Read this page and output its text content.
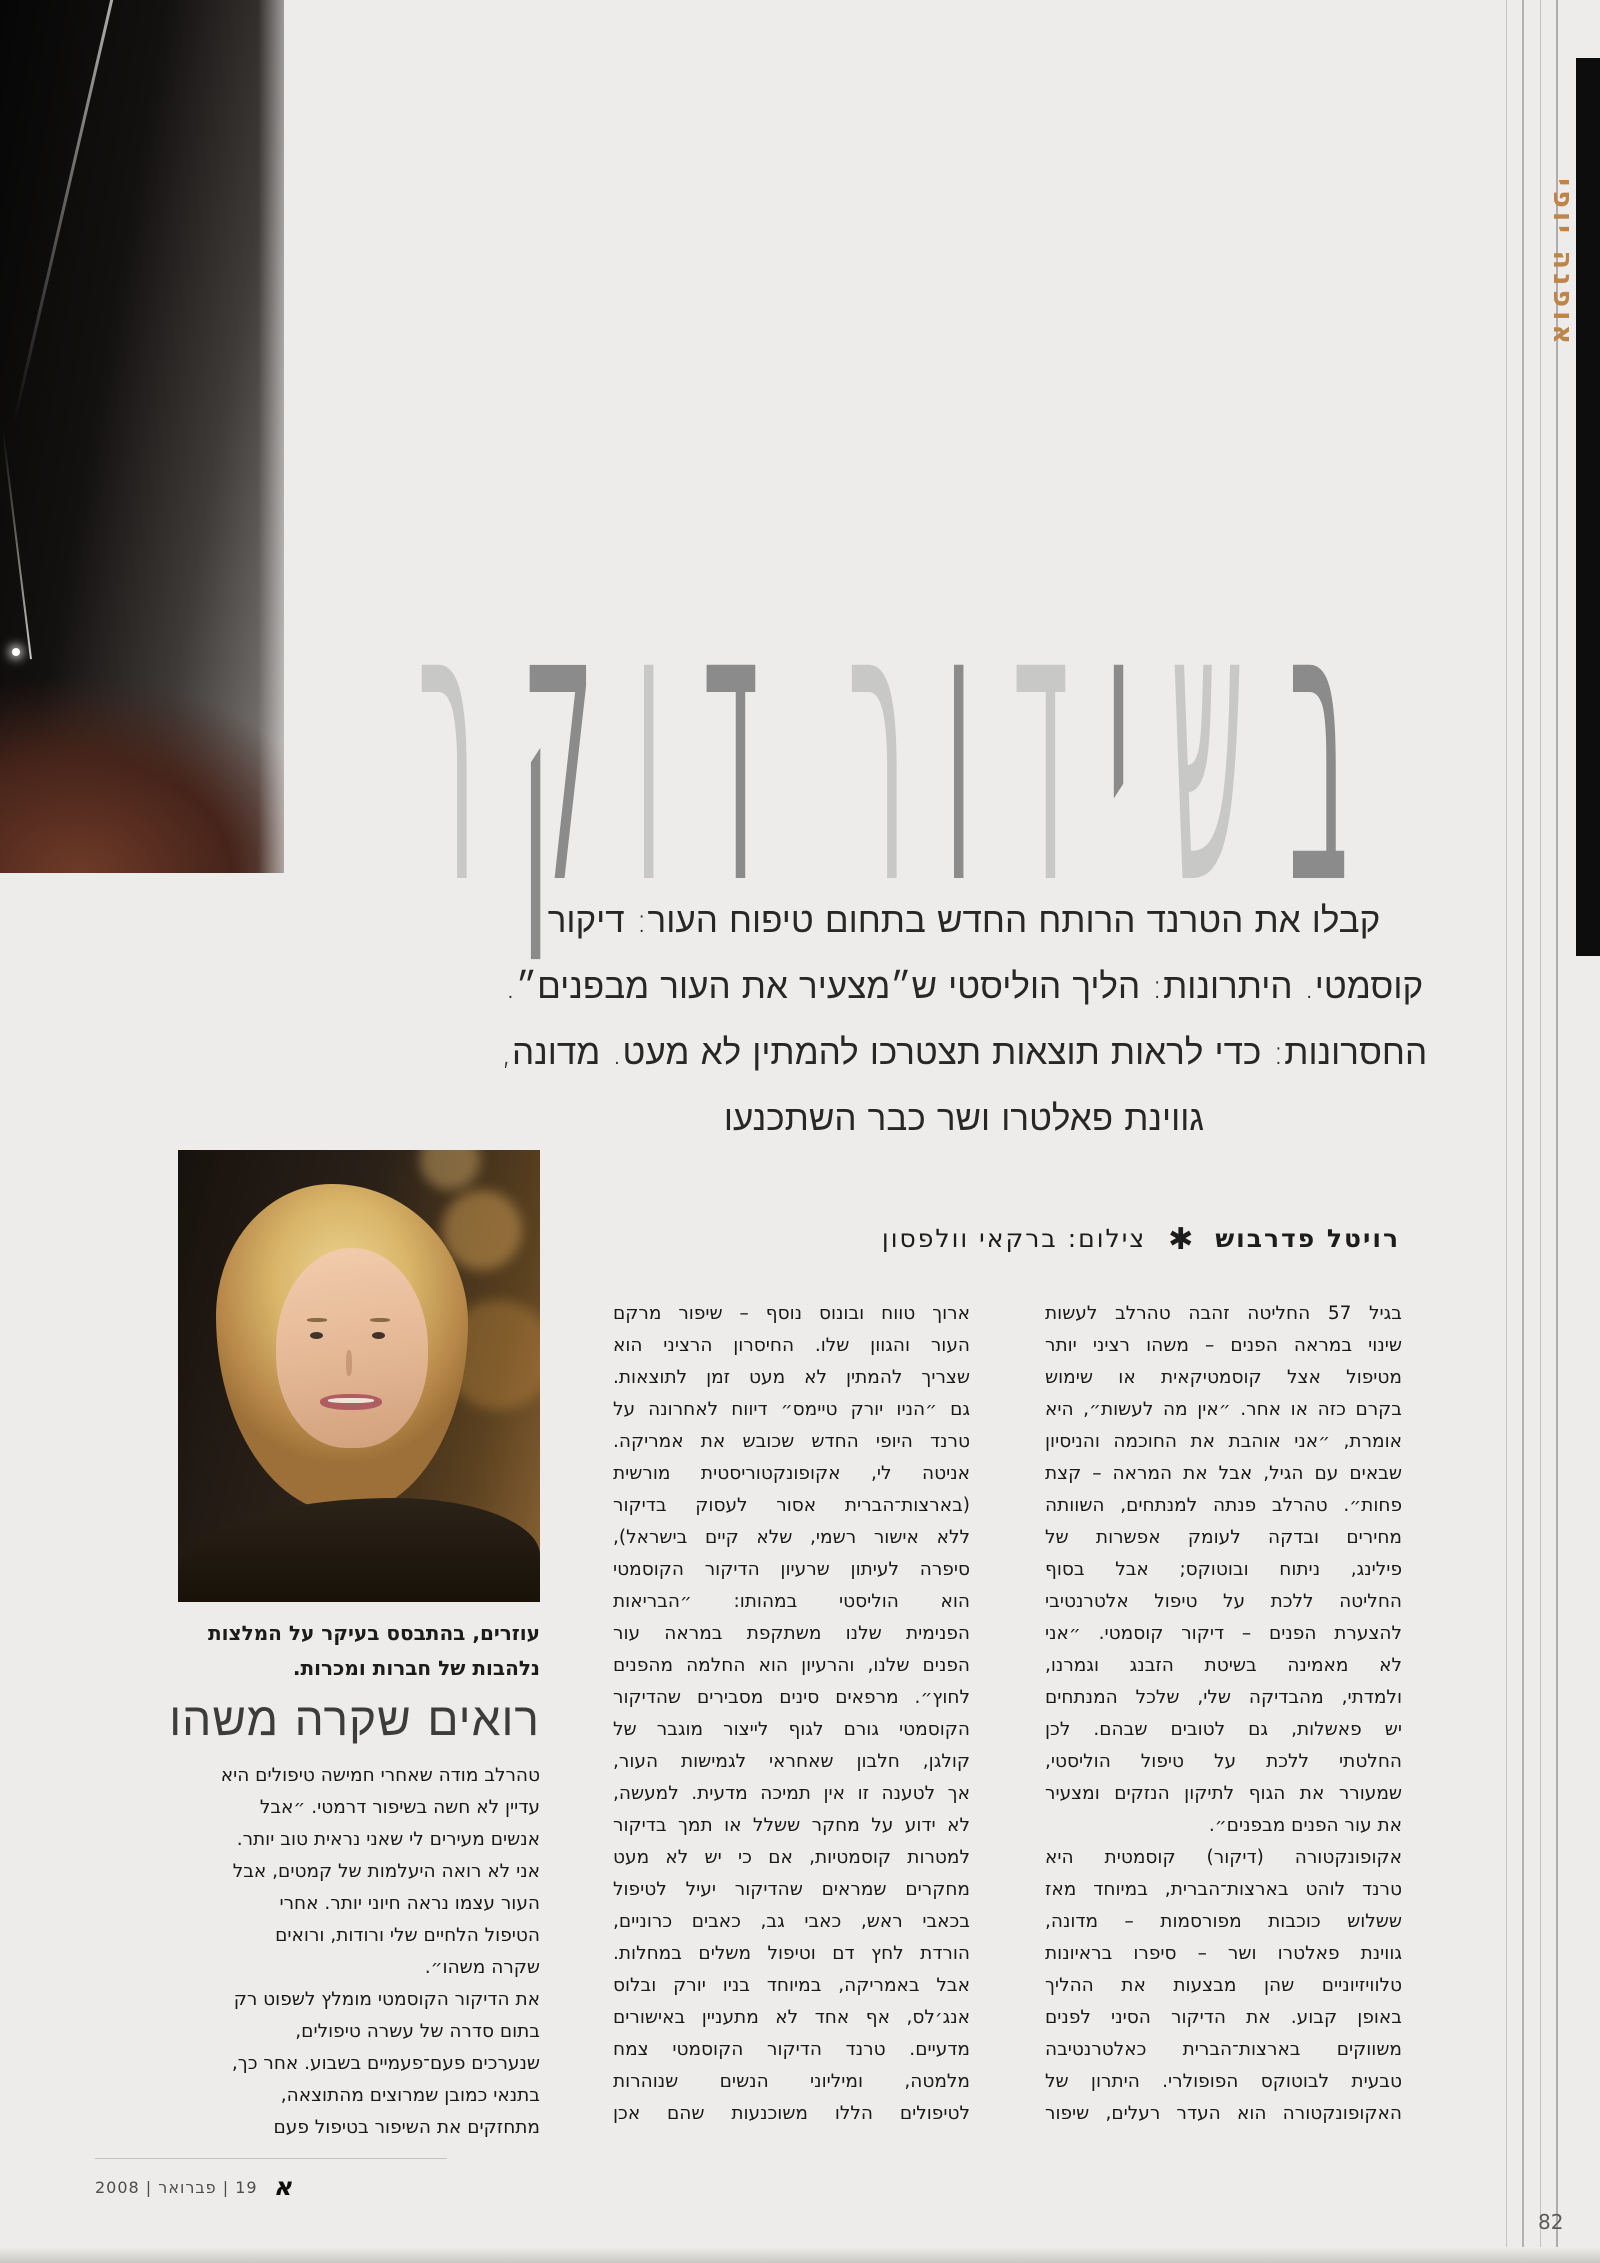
אופנה יופי
בשידורדוקר	קבלו את הטרנד הרותח החדש בתחום טיפוח העור: דיקור
קוסמטי. היתרונות: הליך הוליסטי ש״מצעיר את העור מבפנים״.
החסרונות: כדי לראות תוצאות תצטרכו להמתין לא מעט. מדונה,
גווינת פאלטרו ושר כבר השתכנעו
רויטל פדרבוש ✱ צילום: ברקאי וולפסון
עוזרים, בהתבסס בעיקר על המלצות
נלהבות של חברות ומכרות.
רואים שקרה משהו
טהרלב מודה שאחרי חמישה טיפולים היא
עדיין לא חשה בשיפור דרמטי. ״אבל
אנשים מעירים לי שאני נראית טוב יותר.
אני לא רואה היעלמות של קמטים, אבל
העור עצמו נראה חיוני יותר. אחרי
הטיפול הלחיים שלי ורודות, ורואים
שקרה משהו״.
את הדיקור הקוסמטי מומלץ לשפוט רק
בתום סדרה של עשרה טיפולים,
שנערכים פעם־פעמיים בשבוע. אחר כך,
בתנאי כמובן שמרוצים מהתוצאה,
מתחזקים את השיפור בטיפול פעם
ארוך טווח ובונוס נוסף – שיפור מרקם
העור והגוון שלו. החיסרון הרציני הוא
שצריך להמתין לא מעט זמן לתוצאות.
גם ״הניו יורק טיימס״ דיווח לאחרונה על
טרנד היופי החדש שכובש את אמריקה.
אניטה לי, אקופונקטוריסטית מורשית
(בארצות־הברית אסור לעסוק בדיקור
ללא אישור רשמי, שלא קיים בישראל),
סיפרה לעיתון שרעיון הדיקור הקוסמטי
הוא הוליסטי במהותו: ״הבריאות
הפנימית שלנו משתקפת במראה עור
הפנים שלנו, והרעיון הוא החלמה מהפנים
לחוץ״. מרפאים סינים מסבירים שהדיקור
הקוסמטי גורם לגוף לייצור מוגבר של
קולגן, חלבון שאחראי לגמישות העור,
אך לטענה זו אין תמיכה מדעית. למעשה,
לא ידוע על מחקר ששלל או תמך בדיקור
למטרות קוסמטיות, אם כי יש לא מעט
מחקרים שמראים שהדיקור יעיל לטיפול
בכאבי ראש, כאבי גב, כאבים כרוניים,
הורדת לחץ דם וטיפול משלים במחלות.
אבל באמריקה, במיוחד בניו יורק ובלוס
אנג׳לס, אף אחד לא מתעניין באישורים
מדעיים. טרנד הדיקור הקוסמטי צמח
מלמטה, ומיליוני הנשים שנוהרות
לטיפולים הללו משוכנעות שהם אכן
בגיל 57 החליטה זהבה טהרלב לעשות
שינוי במראה הפנים – משהו רציני יותר
מטיפול אצל קוסמטיקאית או שימוש
בקרם כזה או אחר. ״אין מה לעשות״, היא
אומרת, ״אני אוהבת את החוכמה והניסיון
שבאים עם הגיל, אבל את המראה – קצת
פחות״. טהרלב פנתה למנתחים, השוותה
מחירים ובדקה לעומק אפשרות של
פילינג, ניתוח ובוטוקס; אבל בסוף
החליטה ללכת על טיפול אלטרנטיבי
להצערת הפנים – דיקור קוסמטי. ״אני
לא מאמינה בשיטת הזבנג וגמרנו,
ולמדתי, מהבדיקה שלי, שלכל המנתחים
יש פאשלות, גם לטובים שבהם. לכן
החלטתי ללכת על טיפול הוליסטי,
שמעורר את הגוף לתיקון הנזקים ומצעיר
את עור הפנים מבפנים״.
אקופונקטורה (דיקור) קוסמטית היא
טרנד לוהט בארצות־הברית, במיוחד מאז
ששלוש כוכבות מפורסמות – מדונה,
גווינת פאלטרו ושר – סיפרו בראיונות
טלוויזיוניים שהן מבצעות את ההליך
באופן קבוע. את הדיקור הסיני לפנים
משווקים בארצות־הברית כאלטרנטיבה
טבעית לבוטוקס הפופולרי. היתרון של
האקופונקטורה הוא העדר רעלים, שיפור
א 19 | פברואר | 2008
82
